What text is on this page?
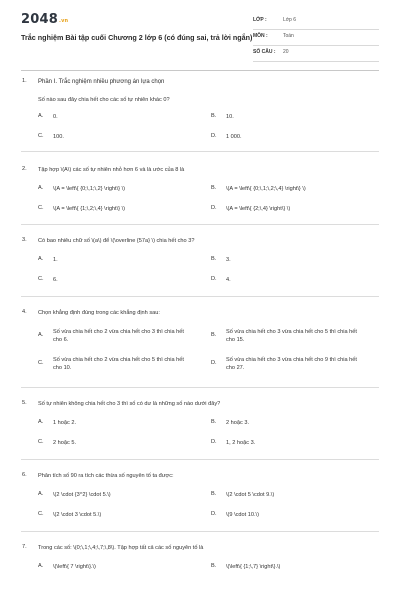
2048.vn
Trắc nghiệm Bài tập cuối Chương 2 lớp 6 (có đúng sai, trả lời ngắn)
LỚP :	Lớp 6
MÔN :	Toán
SỐ CÂU : 20
1. Phần I. Trắc nghiệm nhiều phương án lựa chọn
Số nào sau đây chia hết cho các số tự nhiên khác 0?
A. 0.	B. 10.
C. 100.	D. 1 000.
2. Tập hợp \(A\) các số tự nhiên nhỏ hơn 6 và là ước của 8 là
A. \(A = \left\{ {0;\,1;\,2} \right\} \)	B. \(A = \left\{ {0;\,1;\,2;\,4} \right\} \)
C. \(A = \left\{ {1;\,2;\,4} \right\} \)	D. \(A = \left\{ {2;\,4} \right\} \)
3. Có bao nhiêu chữ số \(a\) để \(\overline {57a} \) chia hết cho 3?
A. 1.	B. 3.
C. 6.	D. 4.
4. Chọn khẳng định đúng trong các khẳng định sau:
A. Số vừa chia hết cho 2 vừa chia hết cho 3 thì chia hết cho 6.
B. Số vừa chia hết cho 3 vừa chia hết cho 5 thì chia hết cho 15.
C. Số vừa chia hết cho 2 vừa chia hết cho 5 thì chia hết cho 10.
D. Số vừa chia hết cho 3 vừa chia hết cho 9 thì chia hết cho 27.
5. Số tự nhiên không chia hết cho 3 thì số có dư là những số nào dưới đây?
A. 1 hoặc 2.	B. 2 hoặc 3.
C. 2 hoặc 5.	D. 1, 2 hoặc 3.
6. Phân tích số 90 ra tích các thừa số nguyên tố ta được:
A. \(2 \cdot {3^2} \cdot 5.\)	B. \(2 \cdot 5 \cdot 9.\)
C. \(2 \cdot 3 \cdot 5.\)	D. \(9 \cdot 10.\)
7. Trong các số: \(0;\,1;\,4;\,7;\,8\). Tập hợp tất cả các số nguyên tố là
A. \(\left\{ 7 \right\}.\)	B. \(\left\{ {1;\,7} \right\}.\)
